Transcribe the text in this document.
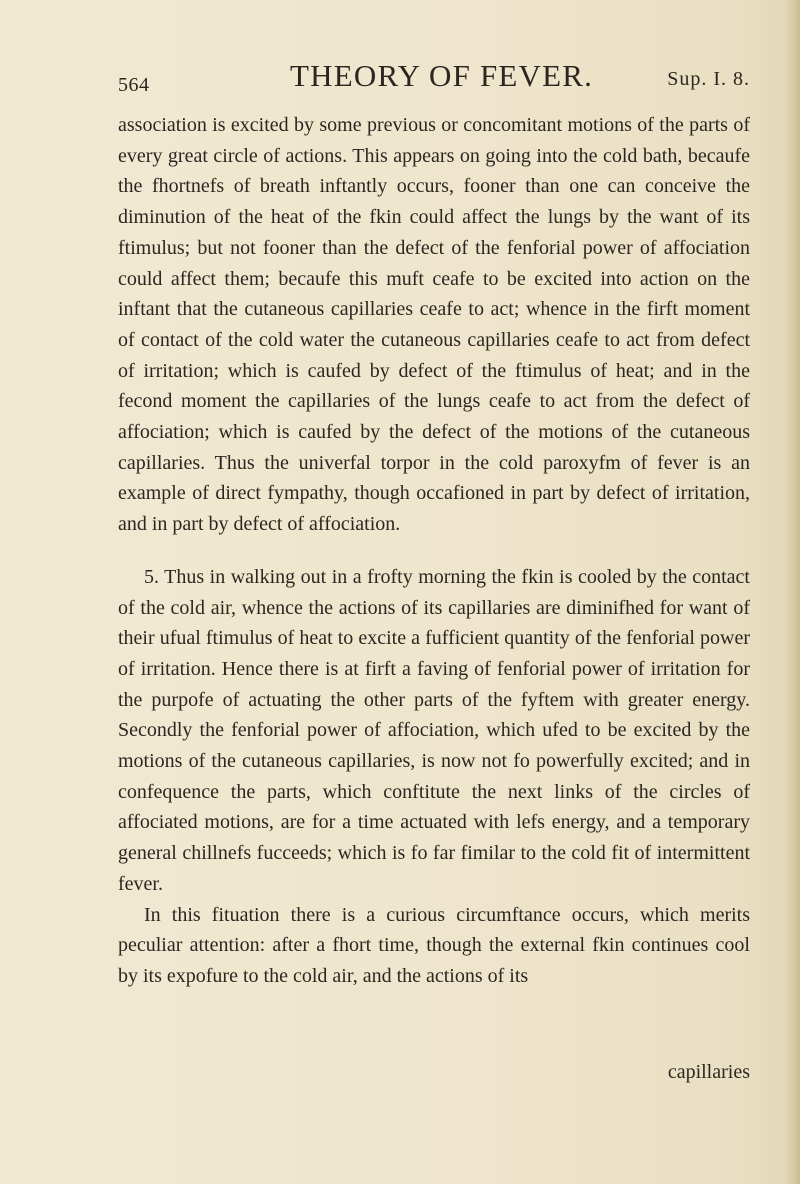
564	THEORY OF FEVER.	Sup. I. 8.

association is excited by some previous or concomitant motions of the parts of every great circle of actions. This appears on going into the cold bath, becaufe the fhortnefs of breath inftantly occurs, fooner than one can conceive the diminution of the heat of the fkin could affect the lungs by the want of its ftimulus; but not fooner than the defect of the fenforial power of affociation could affect them; becaufe this muft ceafe to be excited into action on the inftant that the cutaneous capillaries ceafe to act; whence in the firft moment of contact of the cold water the cutaneous capillaries ceafe to act from defect of irritation; which is caufed by defect of the ftimulus of heat; and in the fecond moment the capillaries of the lungs ceafe to act from the defect of affociation; which is caufed by the defect of the motions of the cutaneous capillaries. Thus the univerfal torpor in the cold paroxyfm of fever is an example of direct fympathy, though occafioned in part by defect of irritation, and in part by defect of affociation.

5. Thus in walking out in a frofty morning the fkin is cooled by the contact of the cold air, whence the actions of its capillaries are diminifhed for want of their ufual ftimulus of heat to excite a fufficient quantity of the fenforial power of irritation. Hence there is at firft a faving of fenforial power of irritation for the purpofe of actuating the other parts of the fyftem with greater energy. Secondly the fenforial power of affociation, which ufed to be excited by the motions of the cutaneous capillaries, is now not fo powerfully excited; and in confequence the parts, which conftitute the next links of the circles of affociated motions, are for a time actuated with lefs energy, and a temporary general chillnefs fucceeds; which is fo far fimilar to the cold fit of intermittent fever.

In this fituation there is a curious circumftance occurs, which merits peculiar attention: after a fhort time, though the external fkin continues cool by its expofure to the cold air, and the actions of its

capillaries
